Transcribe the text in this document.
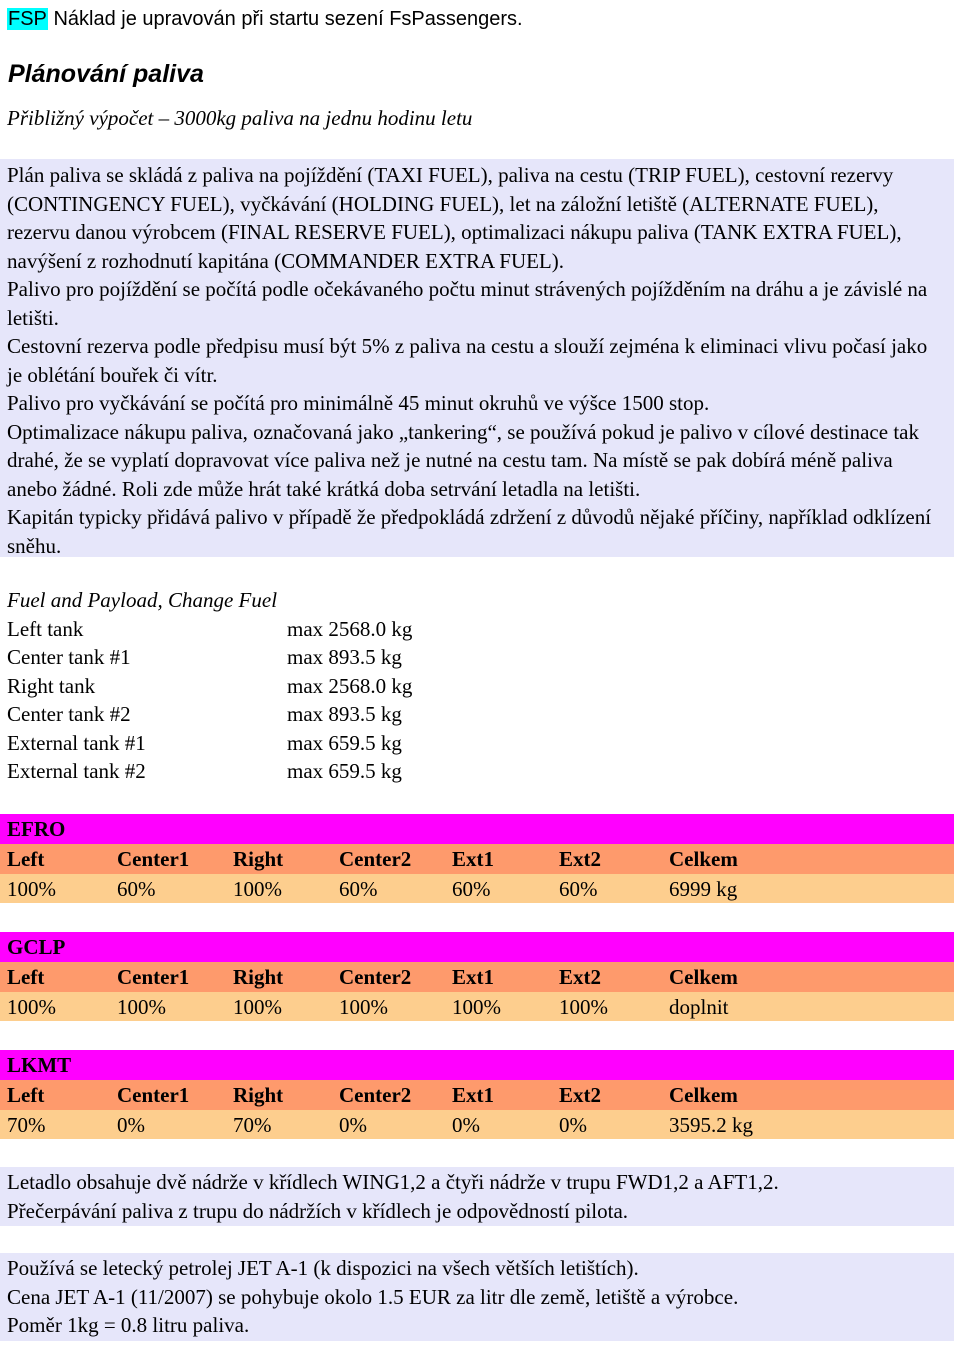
FSP Náklad je upravován při startu sezení FsPassengers.
Plánování paliva
Přibližný výpočet – 3000kg paliva na jednu hodinu letu

Plán paliva se skládá z paliva na pojíždění (TAXI FUEL), paliva na cestu (TRIP FUEL), cestovní rezervy (CONTINGENCY FUEL), vyčkávání (HOLDING FUEL), let na záložní letiště (ALTERNATE FUEL), rezervu danou výrobcem (FINAL RESERVE FUEL), optimalizaci nákupu paliva (TANK EXTRA FUEL), navýšení z rozhodnutí kapitána (COMMANDER EXTRA FUEL).

Palivo pro pojíždění se počítá podle očekávaného počtu minut strávených pojížděním na dráhu a je závislé na letišti.

Cestovní rezerva podle předpisu musí být 5% z paliva na cestu a slouží zejména k eliminaci vlivu počasí jako je oblétání bouřek či vítr.

Palivo pro vyčkávání se počítá pro minimálně 45 minut okruhů ve výšce 1500 stop.

Optimalizace nákupu paliva, označovaná jako „tankering“, se používá pokud je palivo v cílové destinace tak drahé, že se vyplatí dopravovat více paliva než je nutné na cestu tam. Na místě se pak dobírá méně paliva anebo žádné. Roli zde může hrát také krátká doba setrvání letadla na letišti.

Kapitán typicky přidává palivo v případě že předpokládá zdržení z důvodů nějaké příčiny, například odklízení sněhu.

Fuel and Payload, Change Fuel
Left tank	max 2568.0 kg
Center tank #1	max 893.5 kg
Right tank	max 2568.0 kg
Center tank #2	max 893.5 kg
External tank #1	max 659.5 kg
External tank #2	max 659.5 kg
EFRO
Left	Center1	Right	Center2	Ext1	Ext2	Celkem
100%	60%	100%	60%	60%	60%	6999 kg
GCLP
Left	Center1	Right	Center2	Ext1	Ext2	Celkem
100%	100%	100%	100%	100%	100%	doplnit
LKMT
Left	Center1	Right	Center2	Ext1	Ext2	Celkem
70%	0%	70%	0%	0%	0%	3595.2 kg

Letadlo obsahuje dvě nádrže v křídlech WING1,2 a čtyři nádrže v trupu FWD1,2 a AFT1,2.

Přečerpávání paliva z trupu do nádržích v křídlech je odpovědností pilota.

Používá se letecký petrolej JET A-1 (k dispozici na všech větších letištích).

Cena JET A-1 (11/2007) se pohybuje okolo 1.5 EUR za litr dle země, letiště a výrobce.

Poměr 1kg = 0.8 litru paliva.
